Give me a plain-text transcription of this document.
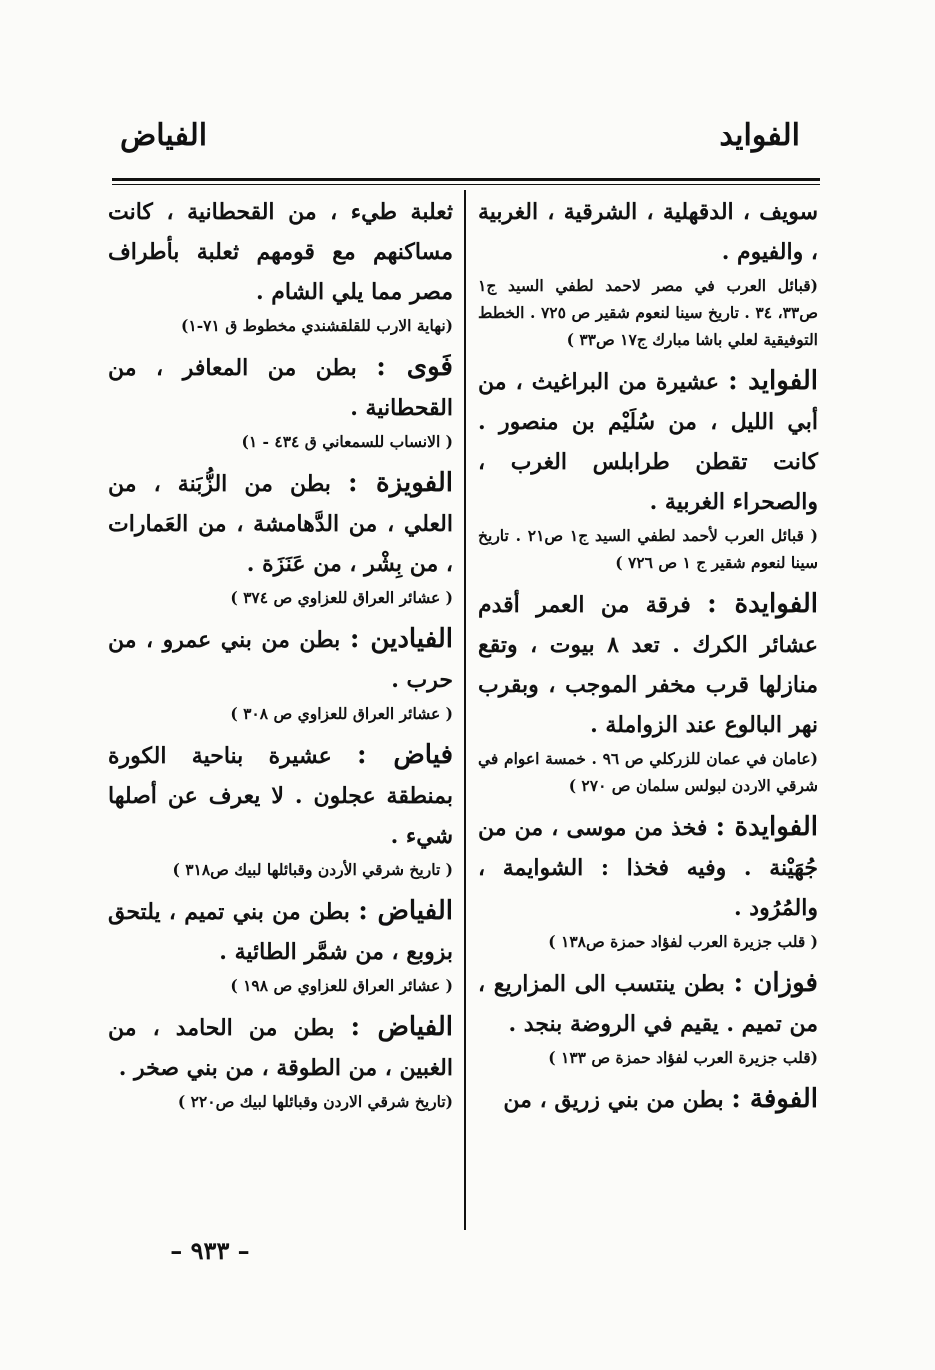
الفوايد
الفياض

سويف ، الدقهلية ، الشرقية ، الغربية ، والفيوم .

(قبائل العرب في مصر لاحمد لطفي السيد ج١ ص٣٣، ٣٤ . تاريخ سينا لنعوم شقير ص ٧٢٥ . الخطط التوفيقية لعلي باشا مبارك ج١٧ ص٣٣ )

الفوايد : عشيرة من البراغيث ، من أبي الليل ، من سُلَيْم بن منصور . كانت تقطن طرابلس الغرب ، والصحراء الغربية .

( قبائل العرب لأحمد لطفي السيد ج١ ص٢١ . تاريخ سينا لنعوم شقير ج ١ ص ٧٢٦ )

الفوايدة : فرقة من العمر أقدم عشائر الكرك . تعد ٨ بيوت ، وتقع منازلها قرب مخفر الموجب ، وبقرب نهر البالوع عند الزواملة .

(عامان في عمان للزركلي ص ٩٦ . خمسة اعوام في شرقي الاردن لبولس سلمان ص ٢٧٠ )

الفوايدة : فخذ من موسى ، من من جُهَيْنة . وفيه فخذا : الشوايمة ، والمُرُود .

( قلب جزيرة العرب لفؤاد حمزة ص١٣٨ )

فوزان : بطن ينتسب الى المزاريع ، من تميم . يقيم في الروضة بنجد .

(قلب جزيرة العرب لفؤاد حمزة ص ١٣٣ )

الفوفة : بطن من بني زريق ، من

ثعلبة طيء ، من القحطانية ، كانت مساكنهم مع قومهم ثعلبة بأطراف مصر مما يلي الشام .

(نهاية الارب للقلقشندي مخطوط ق ٧١-١)

فَوى : بطن من المعافر ، من القحطانية .

( الانساب للسمعاني ق ٤٣٤ - ١)

الفويزة : بطن من الزُّبَنة ، من العلي ، من الدَّهامشة ، من العَمارات ، من بِشْر ، من عَنَزَة .

( عشائر العراق للعزاوي ص ٣٧٤ )

الفيادين : بطن من بني عمرو ، من حرب .

( عشائر العراق للعزاوي ص ٣٠٨ )

فياض : عشيرة بناحية الكورة بمنطقة عجلون . لا يعرف عن أصلها شيء .

( تاريخ شرقي الأردن وقبائلها لبيك ص٣١٨ )

الفياض : بطن من بني تميم ، يلتحق بزوبع ، من شمَّر الطائية .

( عشائر العراق للعزاوي ص ١٩٨ )

الفياض : بطن من الحامد ، من الغبين ، من الطوقة ، من بني صخر .

(تاريخ شرقي الاردن وقبائلها لبيك ص٢٢٠ )

– ٩٣٣ –
